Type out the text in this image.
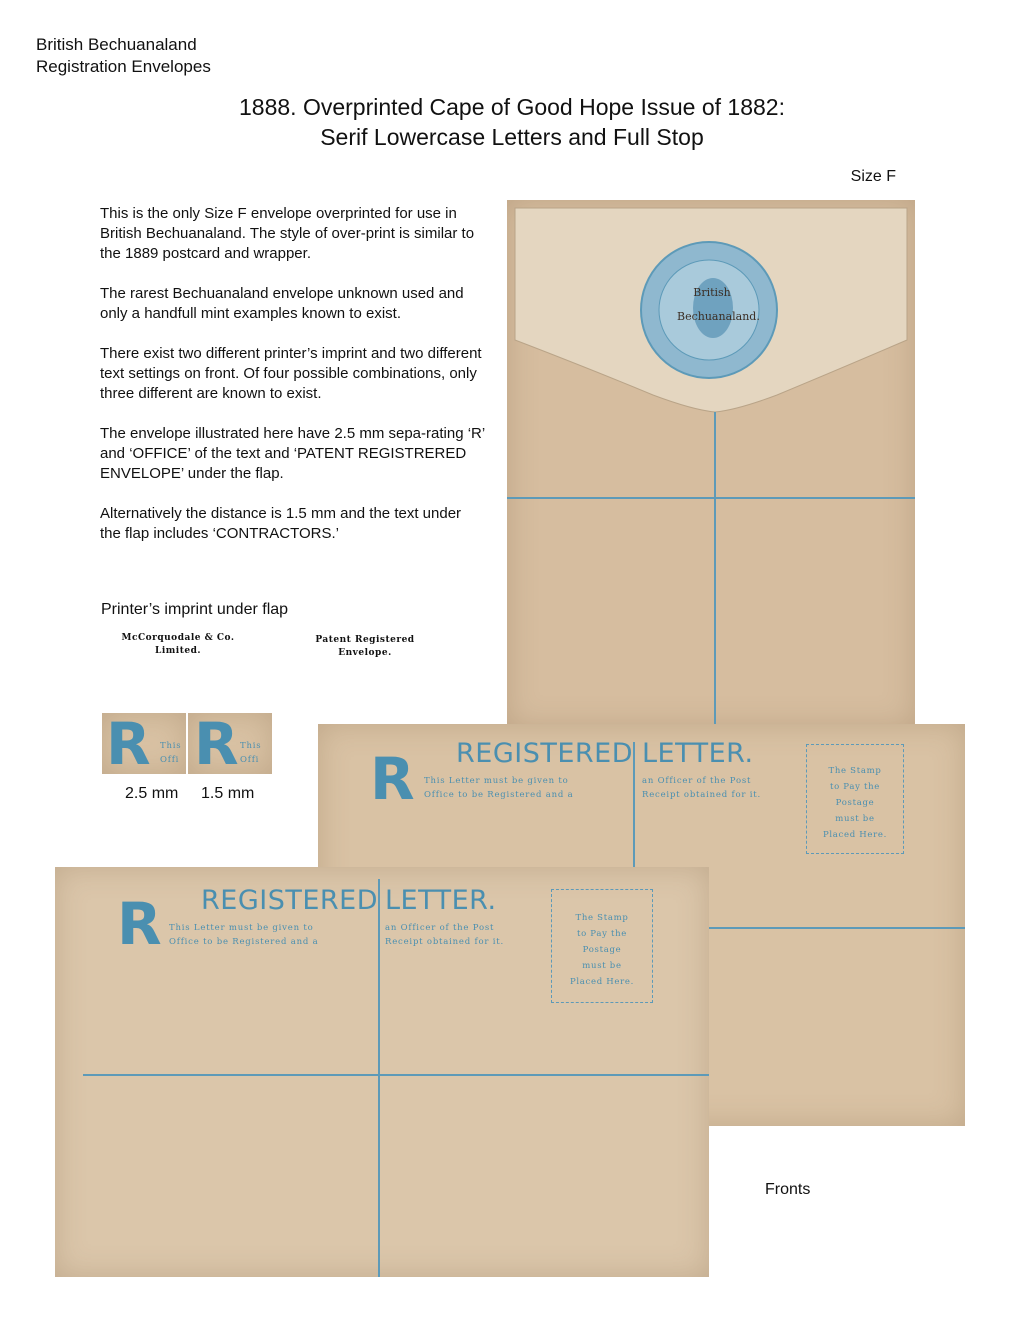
British Bechuanaland
Registration Envelopes
1888. Overprinted Cape of Good Hope Issue of 1882:
Serif Lowercase Letters and Full Stop
Size F

This is the only Size F envelope overprinted for use in British Bechuanaland. The style of over-print is similar to the 1889 postcard and wrapper.

The rarest Bechuanaland envelope unknown used and only a handfull mint examples known to exist.

There exist two different printer’s imprint and two different text settings on front. Of four possible combinations, only three different are known to exist.

The envelope illustrated here have 2.5 mm sepa-rating ‘R’ and ‘OFFICE’ of the text and ‘PATENT REGISTRERED ENVELOPE’ under the flap.

Alternatively the distance is 1.5 mm and the text under the flap includes ‘CONTRACTORS.’

Printer’s imprint under flap
McCorquodale & Co.
Limited.
Patent Registered
Envelope.
R This
Offi R This
Offi
2.5 mm 1.5 mm
British
Bechuanaland.
R REGISTERED LETTER.
This Letter must be given to
Office to be Registered and a
an Officer of the Post
Receipt obtained for it.
The Stamp
to Pay the
Postage
must be
Placed Here.
R REGISTERED LETTER.
This Letter must be given to
Office to be Registered and a
an Officer of the Post
Receipt obtained for it.
The Stamp
to Pay the
Postage
must be
Placed Here.
Fronts
